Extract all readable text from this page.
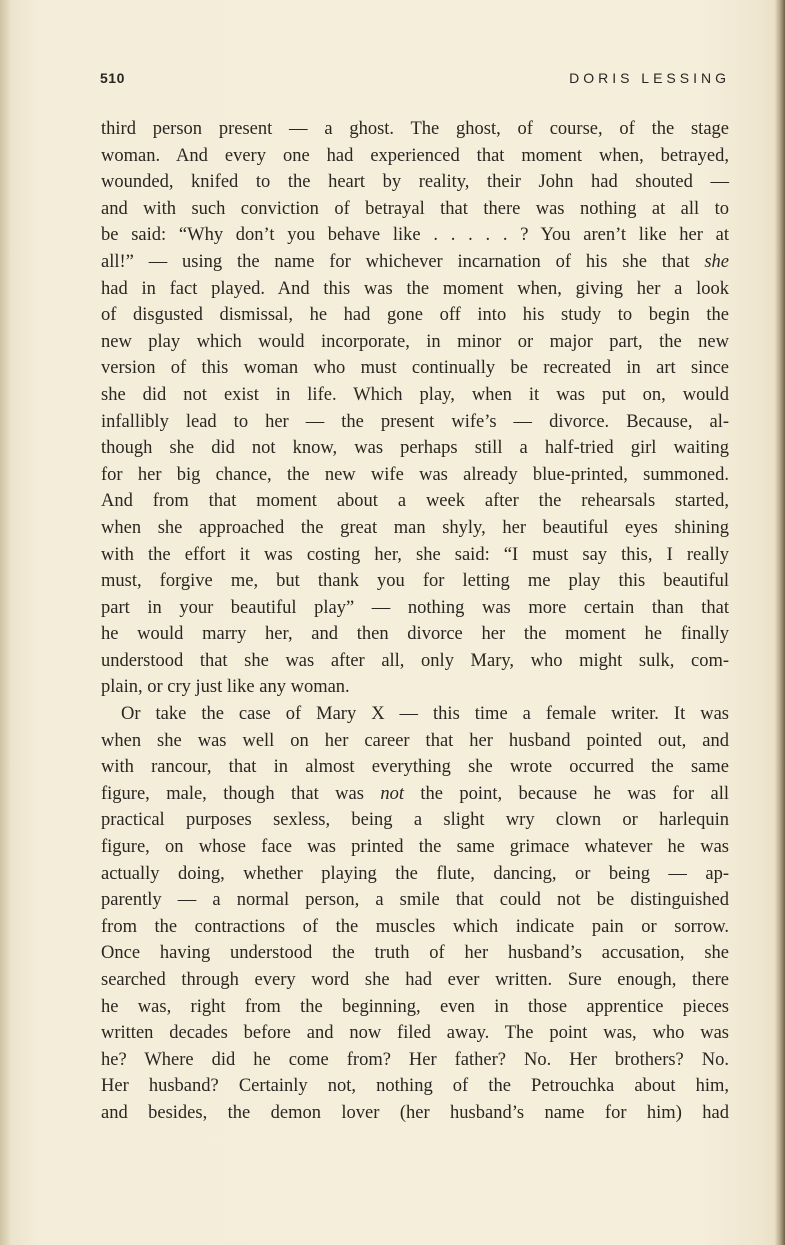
510	DORIS LESSING
third person present — a ghost. The ghost, of course, of the stage
woman. And every one had experienced that moment when, betrayed,
wounded, knifed to the heart by reality, their John had shouted —
and with such conviction of betrayal that there was nothing at all to
be said: “Why don’t you behave like . . . . . ? You aren’t like her at
all!” — using the name for whichever incarnation of his she that she
had in fact played. And this was the moment when, giving her a look
of disgusted dismissal, he had gone off into his study to begin the
new play which would incorporate, in minor or major part, the new
version of this woman who must continually be recreated in art since
she did not exist in life. Which play, when it was put on, would
infallibly lead to her — the present wife’s — divorce. Because, al-
though she did not know, was perhaps still a half-tried girl waiting
for her big chance, the new wife was already blue-printed, summoned.
And from that moment about a week after the rehearsals started,
when she approached the great man shyly, her beautiful eyes shining
with the effort it was costing her, she said: “I must say this, I really
must, forgive me, but thank you for letting me play this beautiful
part in your beautiful play” — nothing was more certain than that
he would marry her, and then divorce her the moment he finally
understood that she was after all, only Mary, who might sulk, com-
plain, or cry just like any woman.
Or take the case of Mary X — this time a female writer. It was
when she was well on her career that her husband pointed out, and
with rancour, that in almost everything she wrote occurred the same
figure, male, though that was not the point, because he was for all
practical purposes sexless, being a slight wry clown or harlequin
figure, on whose face was printed the same grimace whatever he was
actually doing, whether playing the flute, dancing, or being — ap-
parently — a normal person, a smile that could not be distinguished
from the contractions of the muscles which indicate pain or sorrow.
Once having understood the truth of her husband’s accusation, she
searched through every word she had ever written. Sure enough, there
he was, right from the beginning, even in those apprentice pieces
written decades before and now filed away. The point was, who was
he? Where did he come from? Her father? No. Her brothers? No.
Her husband? Certainly not, nothing of the Petrouchka about him,
and besides, the demon lover (her husband’s name for him) had
